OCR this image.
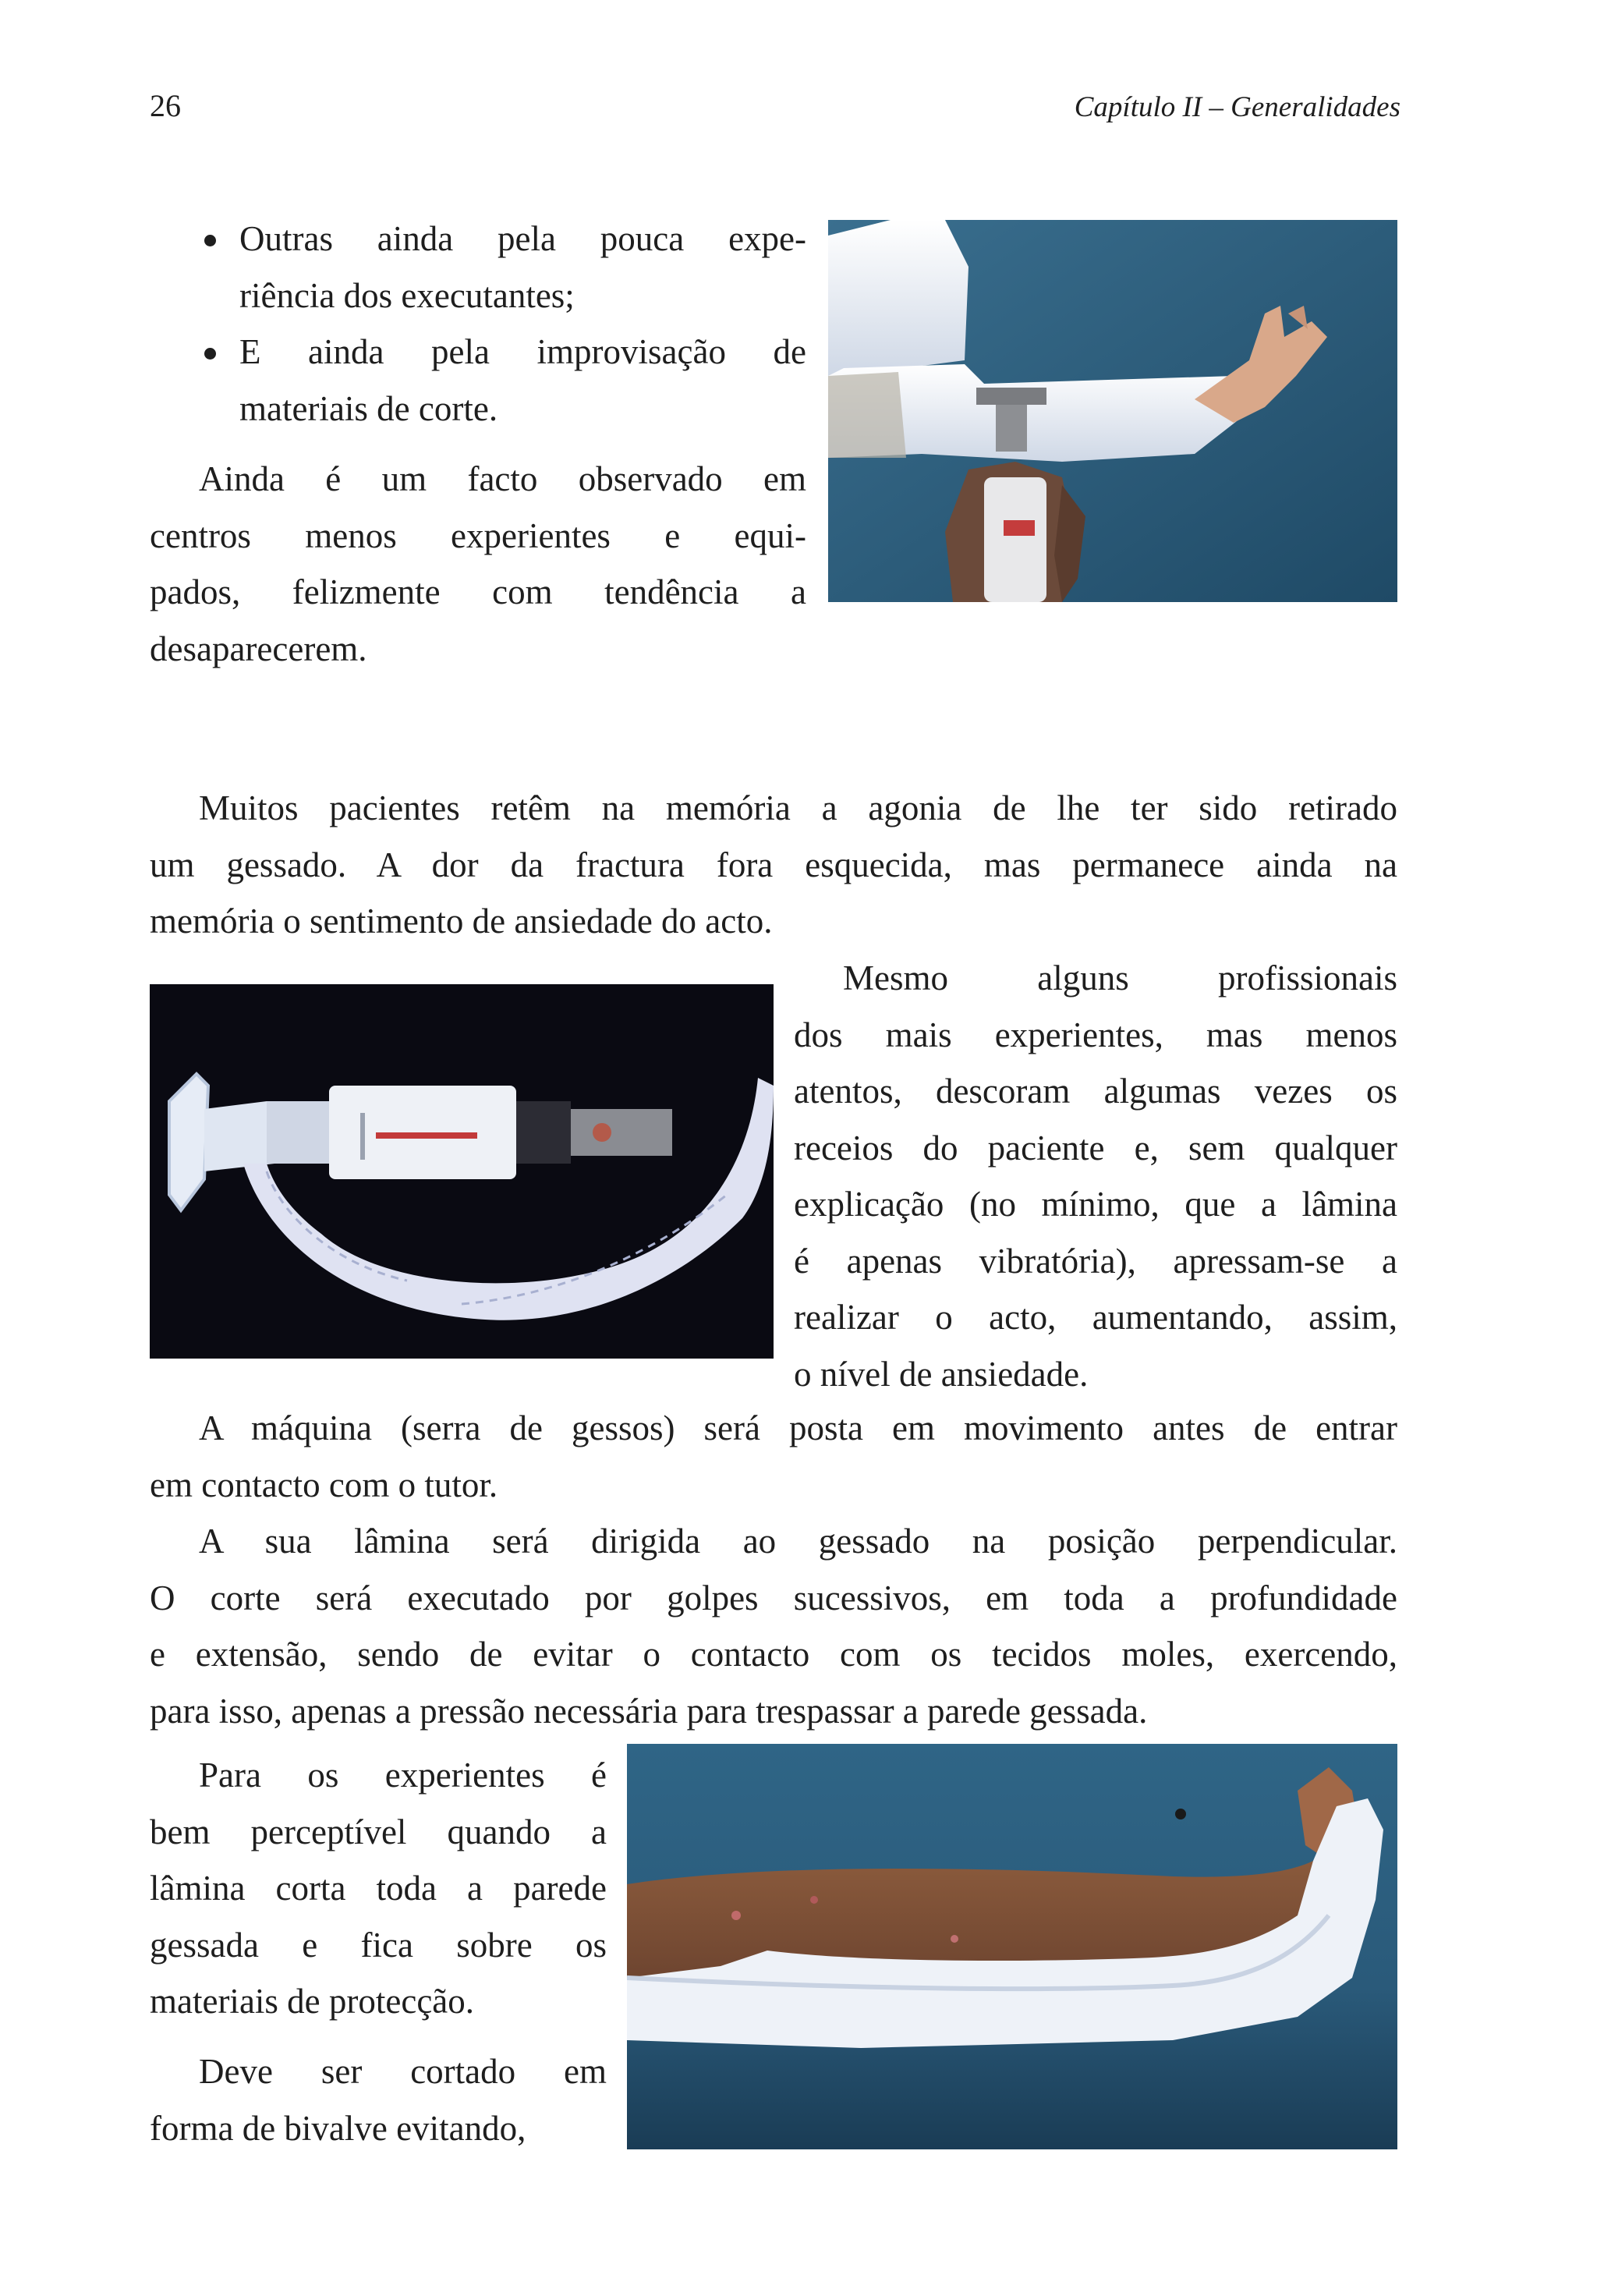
26	Capítulo II – Generalidades
Outras ainda pela pouca expe-
riência dos executantes;
E ainda pela improvisação de
materiais de corte.
Ainda é um facto observado em
centros menos experientes e equi-
pados, felizmente com tendência a
desaparecerem.
Muitos pacientes retêm na memória a agonia de lhe ter sido retirado
um gessado. A dor da fractura fora esquecida, mas permanece ainda na
memória o sentimento de ansiedade do acto.
Mesmo alguns profissionais
dos mais experientes, mas menos
atentos, descoram algumas vezes os
receios do paciente e, sem qualquer
explicação (no mínimo, que a lâmina
é apenas vibratória), apressam-se a
realizar o acto, aumentando, assim,
o nível de ansiedade.
A máquina (serra de gessos) será posta em movimento antes de entrar
em contacto com o tutor.
A sua lâmina será dirigida ao gessado na posição perpendicular.
O corte será executado por golpes sucessivos, em toda a profundidade
e extensão, sendo de evitar o contacto com os tecidos moles, exercendo,
para isso, apenas a pressão necessária para trespassar a parede gessada.
Para os experientes é
bem perceptível quando a
lâmina corta toda a parede
gessada e fica sobre os
materiais de protecção.
Deve ser cortado em
forma de bivalve evitando,
